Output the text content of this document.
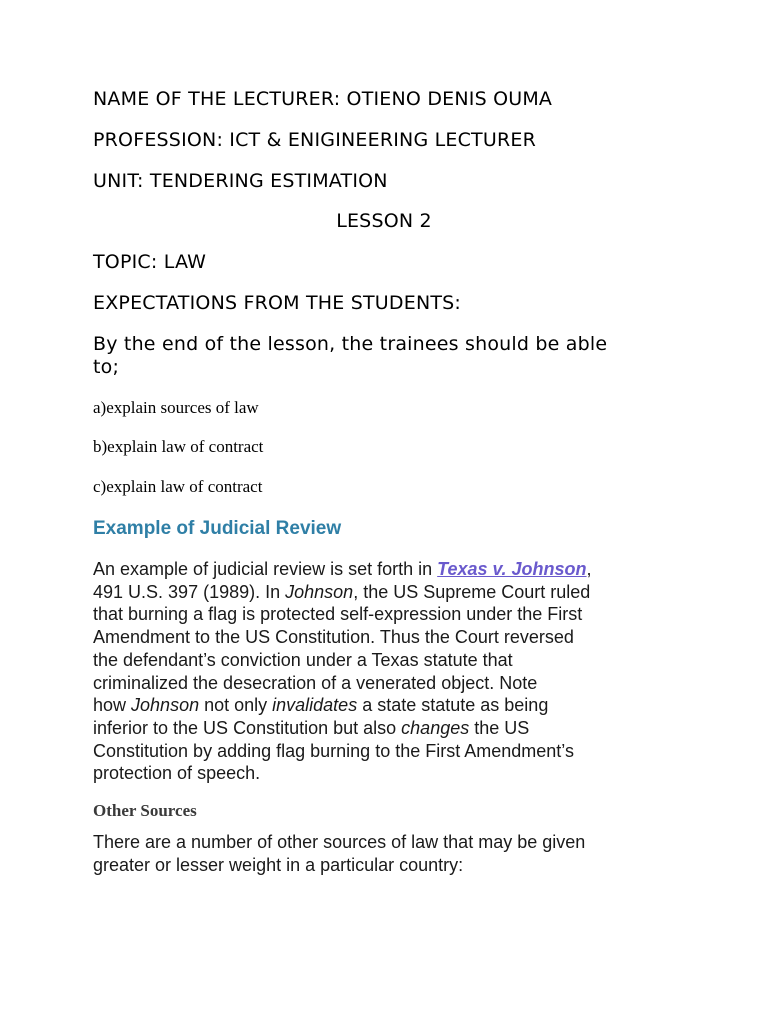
NAME OF THE LECTURER: OTIENO DENIS OUMA

PROFESSION: ICT & ENIGINEERING LECTURER

UNIT: TENDERING ESTIMATION

LESSON 2

TOPIC: LAW

EXPECTATIONS FROM THE STUDENTS:

By the end of the lesson, the trainees should be able

to;

a)explain sources of law

b)explain law of contract

c)explain law of contract

Example of Judicial Review

An example of judicial review is set forth in Texas v. Johnson,
491 U.S. 397 (1989). In Johnson, the US Supreme Court ruled
that burning a flag is protected self-expression under the First
Amendment to the US Constitution. Thus the Court reversed
the defendant’s conviction under a Texas statute that
criminalized the desecration of a venerated object. Note
how Johnson not only invalidates a state statute as being
inferior to the US Constitution but also changes the US
Constitution by adding flag burning to the First Amendment’s
protection of speech.

Other Sources

There are a number of other sources of law that may be given
greater or lesser weight in a particular country:
